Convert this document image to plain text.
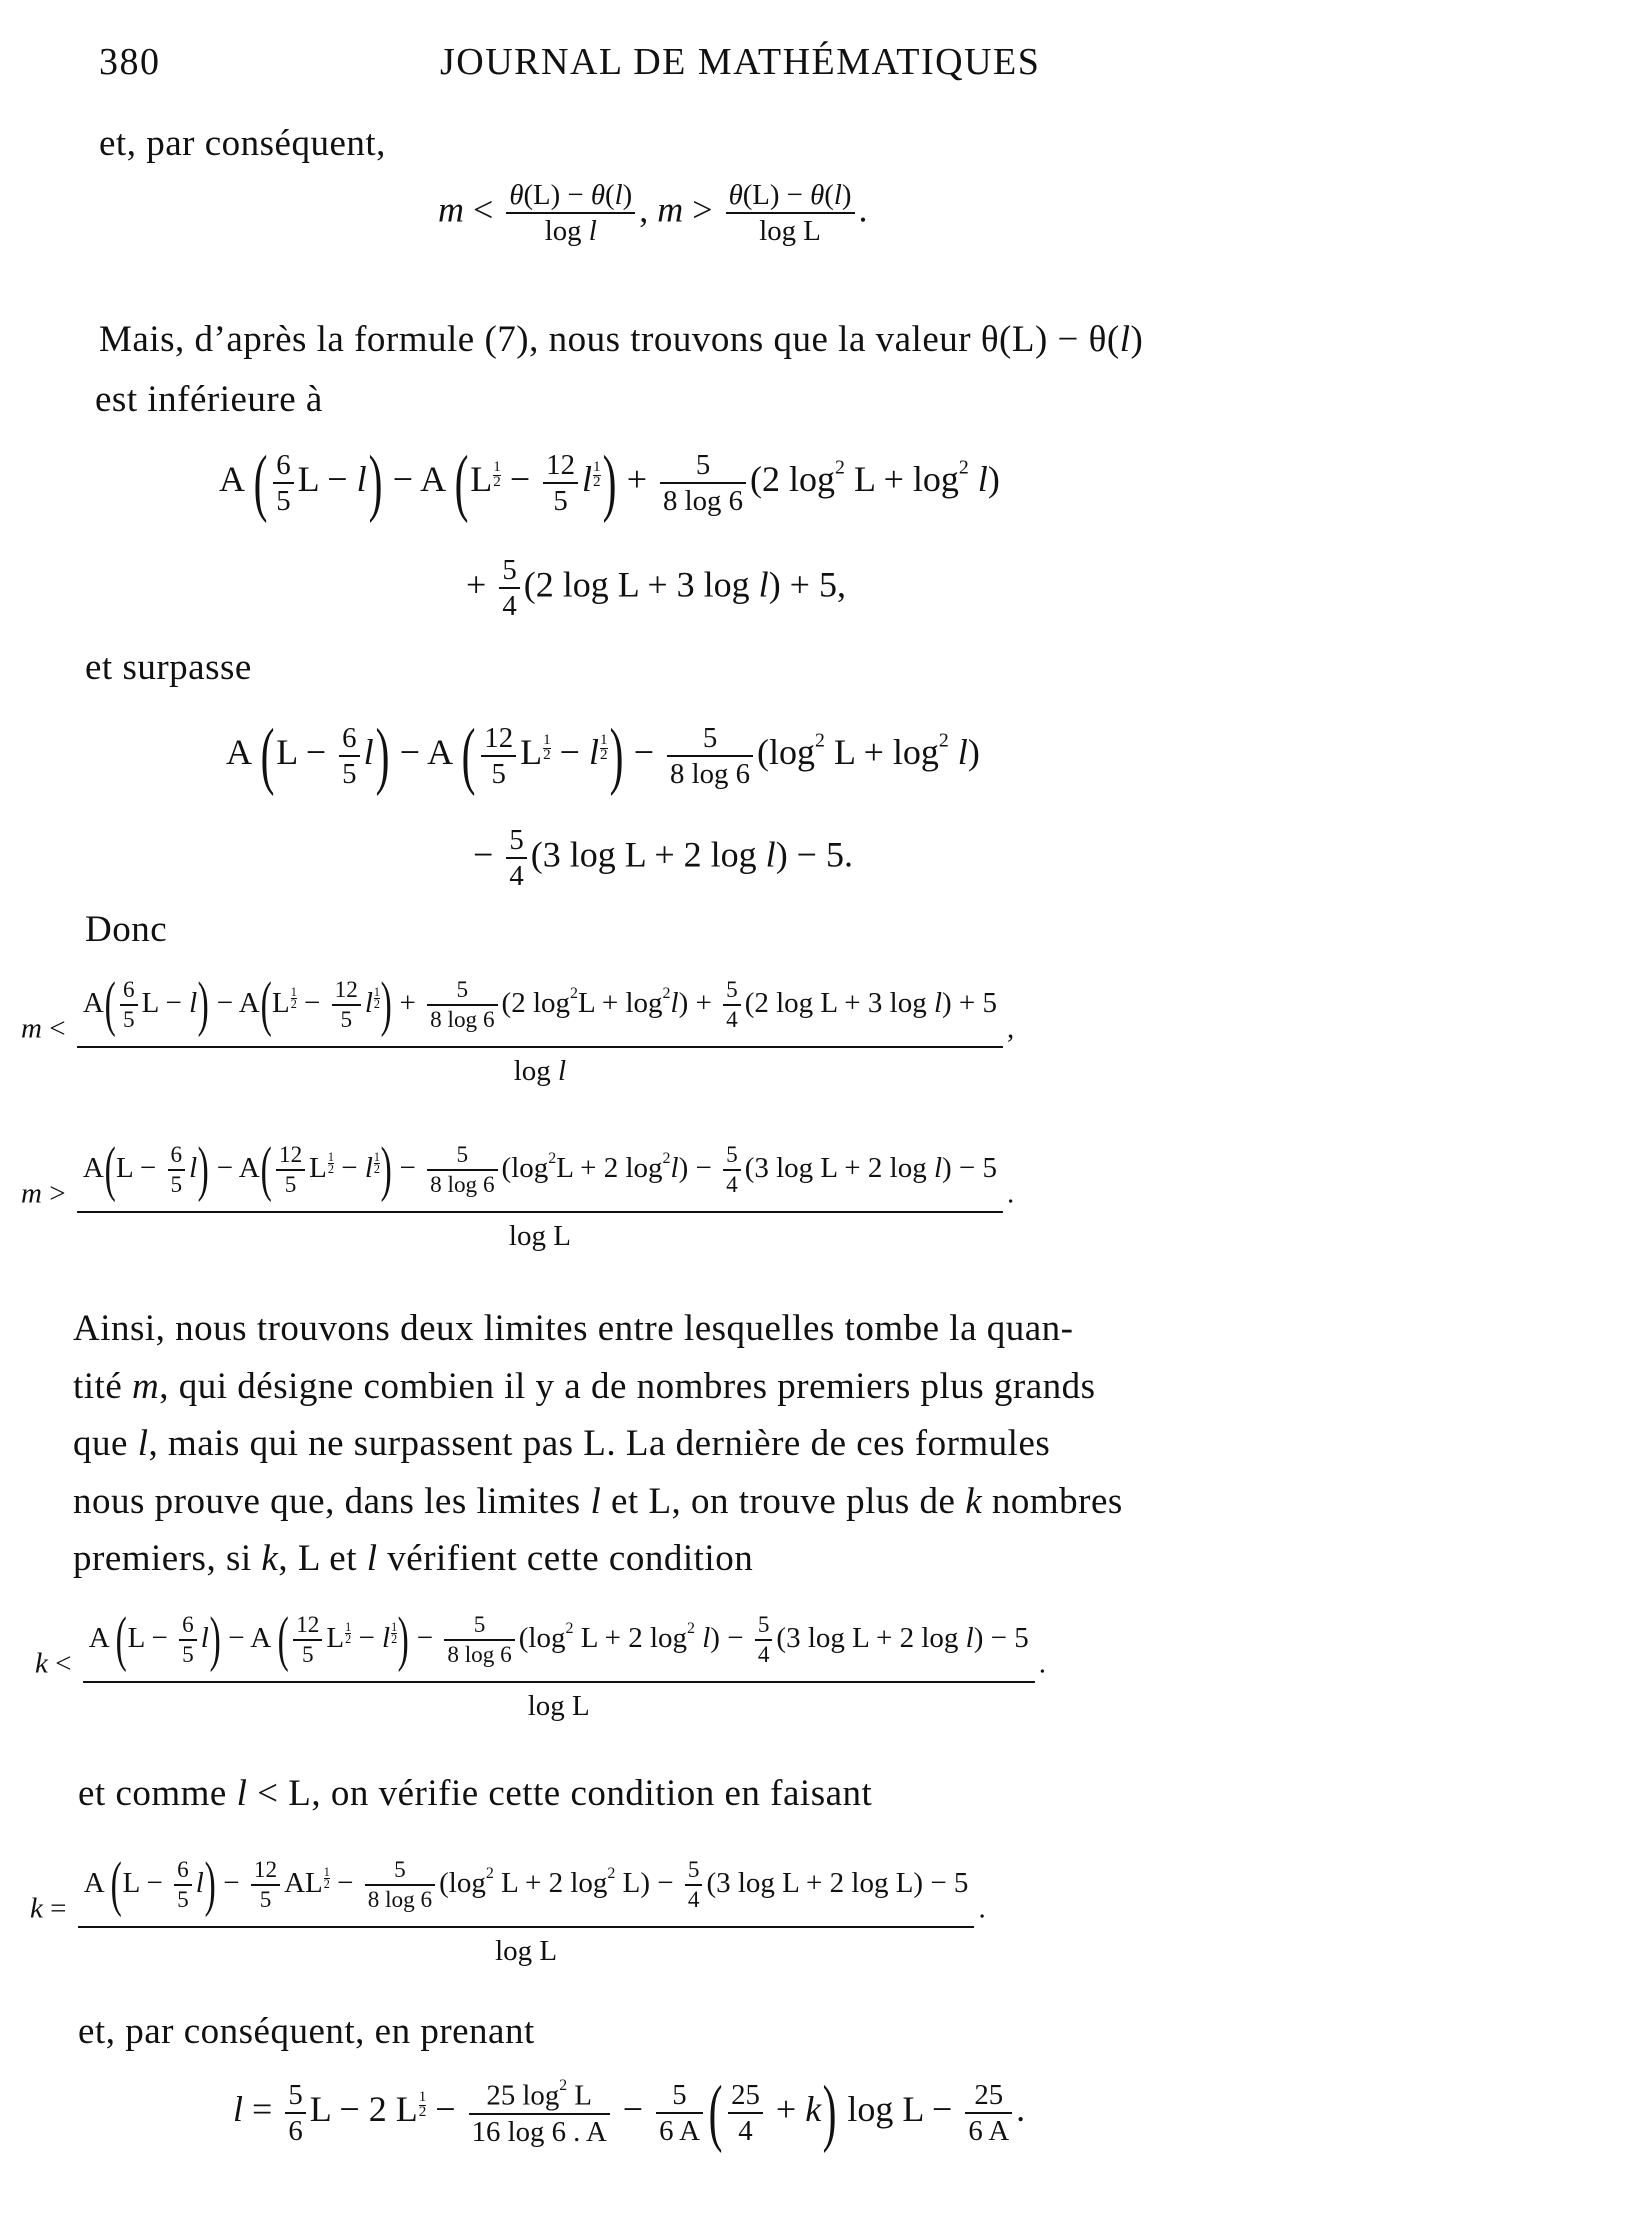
380	JOURNAL DE MATHÉMATIQUES
et, par conséquent,
$m < \frac{\theta(L) - \theta(l)}{\text{log l}}$ , $m > \frac{\theta(L) - \theta(l)}{\text{log L}}$ .
Mais, d’après la formule (7), nous trouvons que la valeur θ(L) − θ(l)
est inférieure à
A ( $\frac{6}{5}$ L − l) − A ($L \frac{1}{2} - \frac{12}{5}$ l $\frac{1}{2}$ ) + $\frac{5}{8 \log 6} (2$ $\log^2 L + \log^2 l$)
+ $\frac{5}{4} (2$ log L + 3 log l) + 5,
et surpasse
A $(L - \frac{6}{5} l) - A$ ( $\frac{12}{5}$ L $\frac{1}{2} - l \frac{1}{2}$ ) − $\frac{5}{8 \log 6} (\log^2$ $L + \log^2 l$)
− $\frac{5}{4} (3$ log L + 2 log l) − 5.
Donc
m <
$A( \frac{6}{5}$ $L - l) - A(L \frac{1}{2} - \frac{12}{5}$ l $\frac{1}{2}$ ) + $\frac{5}{8 \log 6} (2$ $\log^2L + \log^2l) + \frac{5}{4} (2$ log L + 3 log l) + 5
log l
,
m >
$A(L - \frac{6}{5} l) - A( \frac{12}{5}$ L $\frac{1}{2} - l \frac{1}{2}$ ) − $\frac{5}{8 \log 6} (\log^2L + 2$ $\log^2l) - \frac{5}{4} (3$ log L + 2 log l) − 5
log L
.

Ainsi, nous trouvons deux limites entre lesquelles tombe la quan-

tité m, qui désigne combien il y a de nombres premiers plus grands

que l, mais qui ne surpassent pas L. La dernière de ces formules

nous prouve que, dans les limites l et L, on trouve plus de k nombres

premiers, si k, L et l vérifient cette condition

k <
A $(L - \frac{6}{5} l) - A$ ( $\frac{12}{5}$ L $\frac{1}{2} - l \frac{1}{2}$ ) − $\frac{5}{8 \log 6} (\log^2$ L + 2 $\log^2 l) - \frac{5}{4} (3$ log L + 2 log l) − 5
log L
.
et comme l < L, on vérifie cette condition en faisant
k =
A $(L - \frac{6}{5} l) - \frac{12}{5}$ AL $\frac{1}{2} - \frac{5}{8 \log 6} (\log^2$ L + 2 $\log^2 L) - \frac{5}{4} (3$ log L + 2 log L) − 5
log L
.
et, par conséquent, en prenant
$l = \frac{5}{6}$ L − 2 L $\frac{1}{2} - \frac{25 \log^2 L}{16 \log 6 . A} - \frac{5}{6 A}$ ( $\frac{25}{4} + k$) $\log L - \frac{25}{6 A}$ .
